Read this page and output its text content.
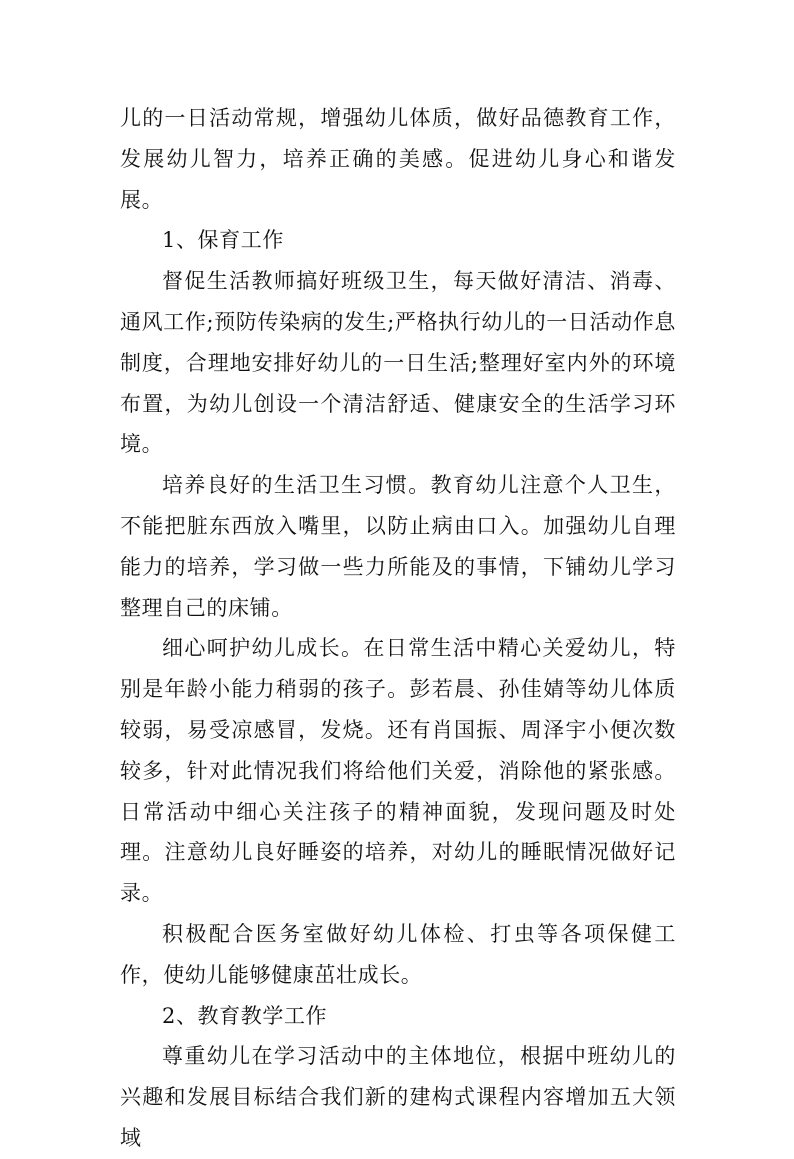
儿的一日活动常规，增强幼儿体质，做好品德教育工作，发展幼儿智力，培养正确的美感。促进幼儿身心和谐发展。

1、保育工作

督促生活教师搞好班级卫生，每天做好清洁、消毒、通风工作;预防传染病的发生;严格执行幼儿的一日活动作息制度，合理地安排好幼儿的一日生活;整理好室内外的环境布置，为幼儿创设一个清洁舒适、健康安全的生活学习环境。

培养良好的生活卫生习惯。教育幼儿注意个人卫生，不能把脏东西放入嘴里，以防止病由口入。加强幼儿自理能力的培养，学习做一些力所能及的事情，下铺幼儿学习整理自己的床铺。

细心呵护幼儿成长。在日常生活中精心关爱幼儿，特别是年龄小能力稍弱的孩子。彭若晨、孙佳婧等幼儿体质较弱，易受凉感冒，发烧。还有肖国振、周泽宇小便次数较多，针对此情况我们将给他们关爱，消除他的紧张感。日常活动中细心关注孩子的精神面貌，发现问题及时处理。注意幼儿良好睡姿的培养，对幼儿的睡眠情况做好记录。

积极配合医务室做好幼儿体检、打虫等各项保健工作，使幼儿能够健康茁壮成长。

2、教育教学工作

尊重幼儿在学习活动中的主体地位，根据中班幼儿的兴趣和发展目标结合我们新的建构式课程内容增加五大领域
